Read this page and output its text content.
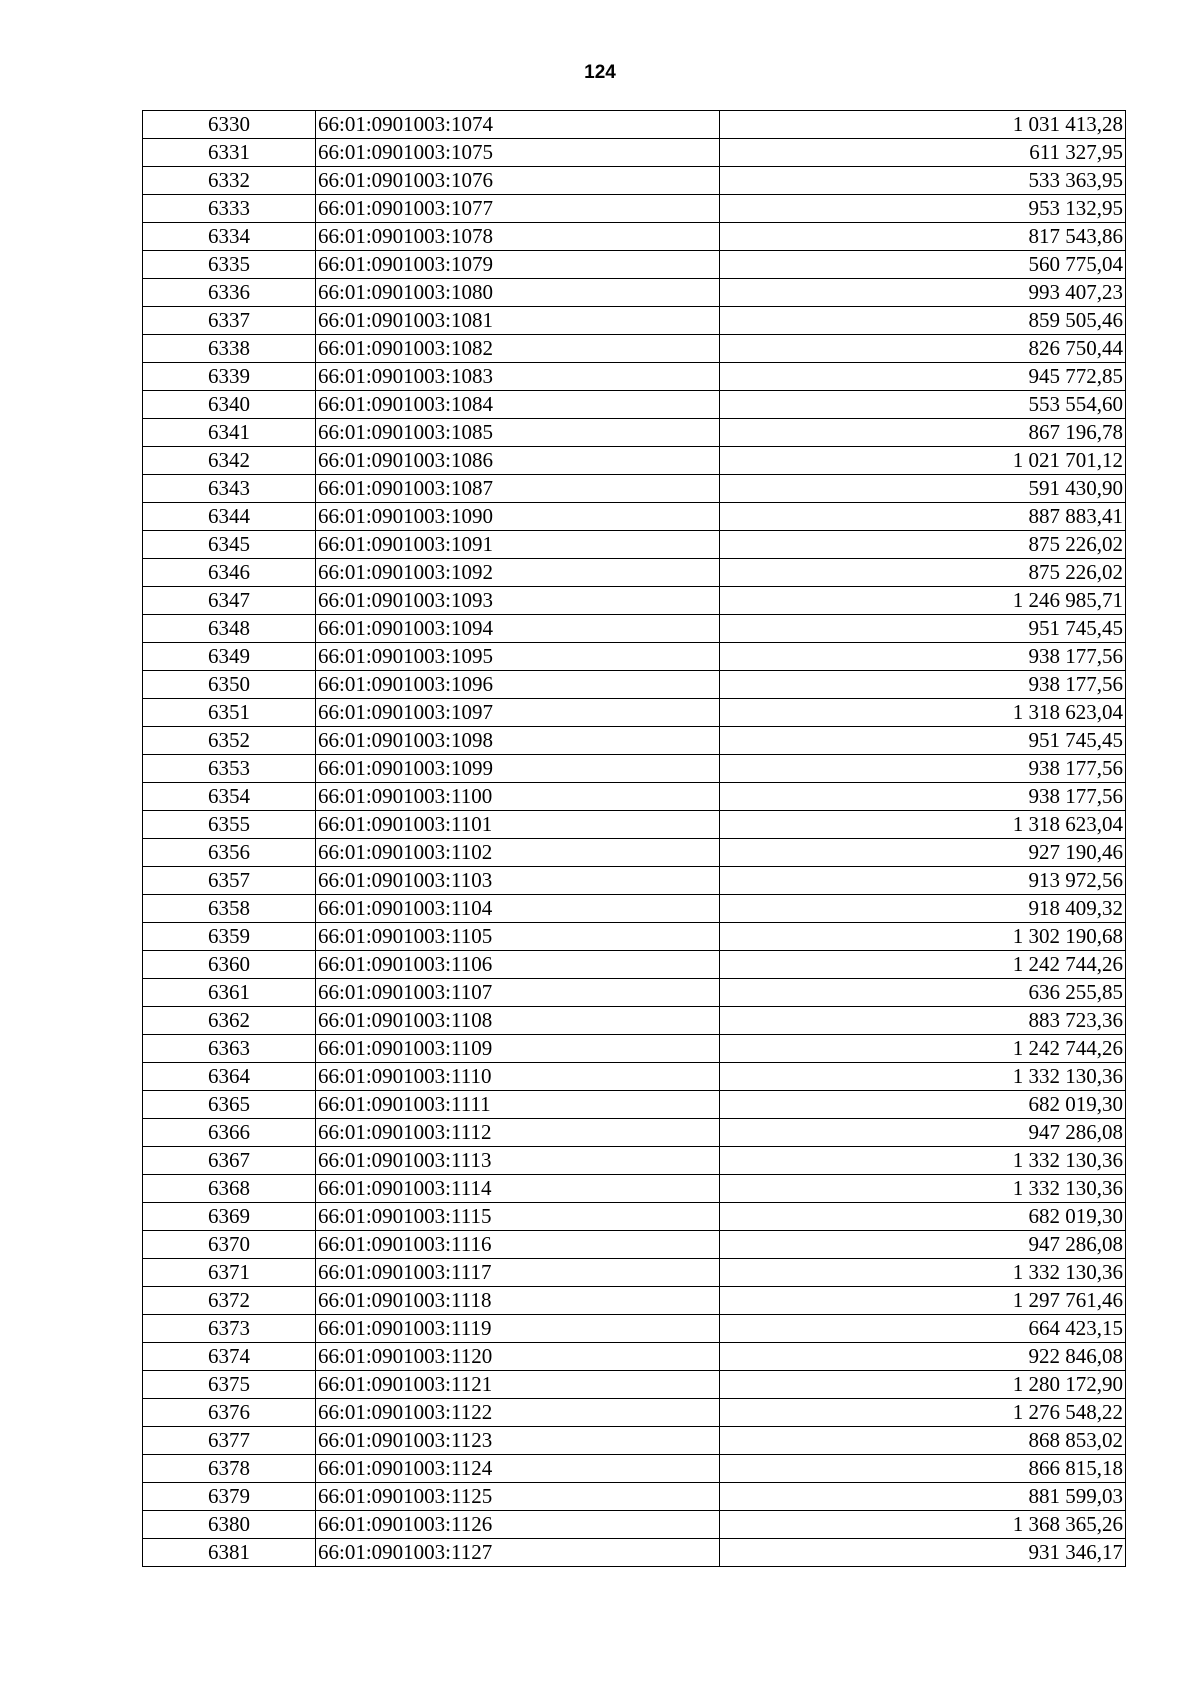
124
6330	66:01:0901003:1074	1 031 413,28
6331	66:01:0901003:1075	611 327,95
6332	66:01:0901003:1076	533 363,95
6333	66:01:0901003:1077	953 132,95
6334	66:01:0901003:1078	817 543,86
6335	66:01:0901003:1079	560 775,04
6336	66:01:0901003:1080	993 407,23
6337	66:01:0901003:1081	859 505,46
6338	66:01:0901003:1082	826 750,44
6339	66:01:0901003:1083	945 772,85
6340	66:01:0901003:1084	553 554,60
6341	66:01:0901003:1085	867 196,78
6342	66:01:0901003:1086	1 021 701,12
6343	66:01:0901003:1087	591 430,90
6344	66:01:0901003:1090	887 883,41
6345	66:01:0901003:1091	875 226,02
6346	66:01:0901003:1092	875 226,02
6347	66:01:0901003:1093	1 246 985,71
6348	66:01:0901003:1094	951 745,45
6349	66:01:0901003:1095	938 177,56
6350	66:01:0901003:1096	938 177,56
6351	66:01:0901003:1097	1 318 623,04
6352	66:01:0901003:1098	951 745,45
6353	66:01:0901003:1099	938 177,56
6354	66:01:0901003:1100	938 177,56
6355	66:01:0901003:1101	1 318 623,04
6356	66:01:0901003:1102	927 190,46
6357	66:01:0901003:1103	913 972,56
6358	66:01:0901003:1104	918 409,32
6359	66:01:0901003:1105	1 302 190,68
6360	66:01:0901003:1106	1 242 744,26
6361	66:01:0901003:1107	636 255,85
6362	66:01:0901003:1108	883 723,36
6363	66:01:0901003:1109	1 242 744,26
6364	66:01:0901003:1110	1 332 130,36
6365	66:01:0901003:1111	682 019,30
6366	66:01:0901003:1112	947 286,08
6367	66:01:0901003:1113	1 332 130,36
6368	66:01:0901003:1114	1 332 130,36
6369	66:01:0901003:1115	682 019,30
6370	66:01:0901003:1116	947 286,08
6371	66:01:0901003:1117	1 332 130,36
6372	66:01:0901003:1118	1 297 761,46
6373	66:01:0901003:1119	664 423,15
6374	66:01:0901003:1120	922 846,08
6375	66:01:0901003:1121	1 280 172,90
6376	66:01:0901003:1122	1 276 548,22
6377	66:01:0901003:1123	868 853,02
6378	66:01:0901003:1124	866 815,18
6379	66:01:0901003:1125	881 599,03
6380	66:01:0901003:1126	1 368 365,26
6381	66:01:0901003:1127	931 346,17
